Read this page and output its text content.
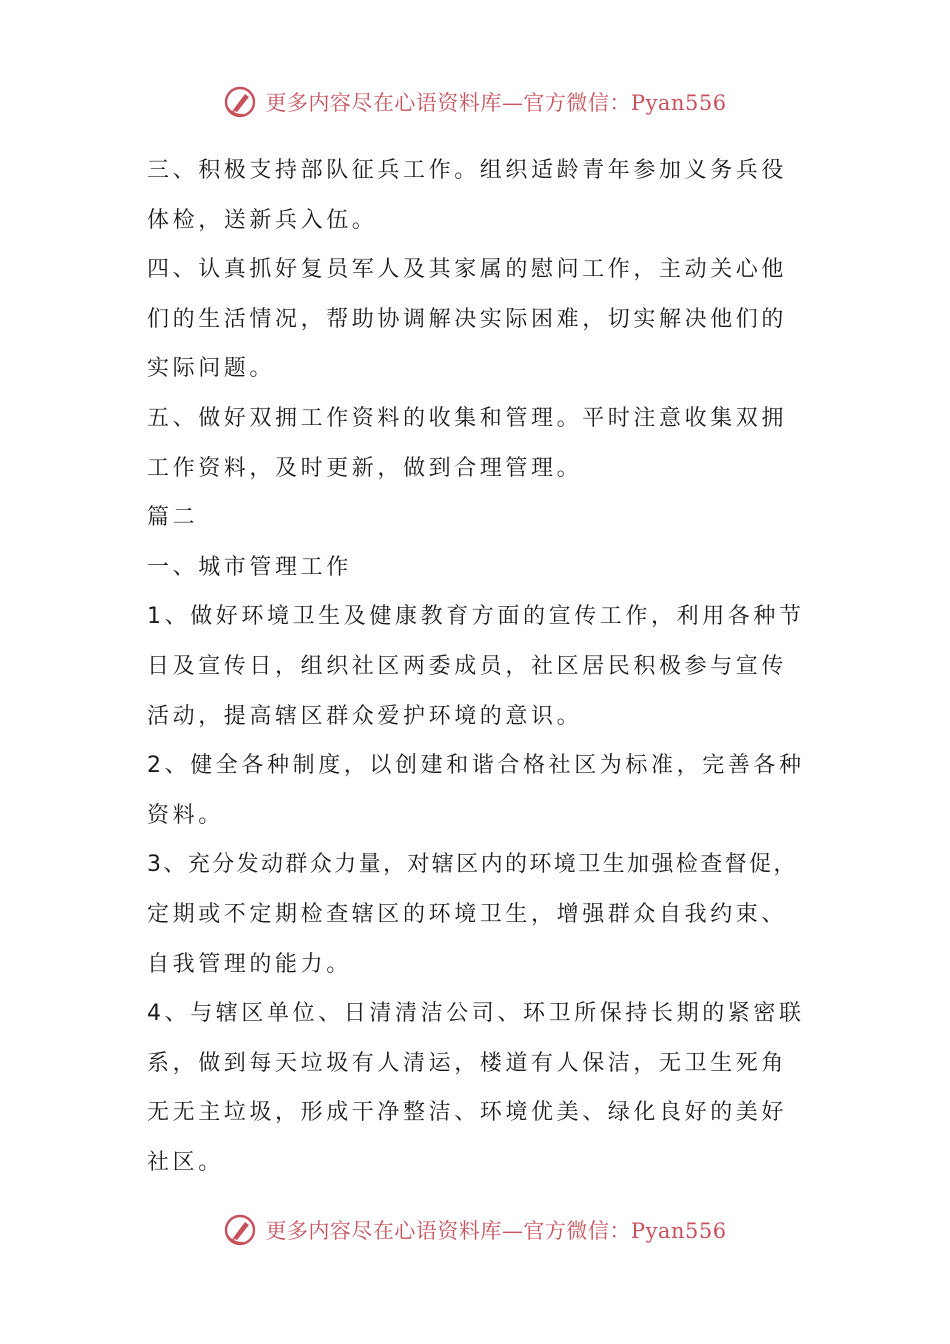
更多内容尽在心语资料库—官方微信：Pyan556
三、积极支持部队征兵工作。组织适龄青年参加义务兵役
体检，送新兵入伍。
四、认真抓好复员军人及其家属的慰问工作，主动关心他
们的生活情况，帮助协调解决实际困难，切实解决他们的
实际问题。
五、做好双拥工作资料的收集和管理。平时注意收集双拥
工作资料，及时更新，做到合理管理。
篇二
一、城市管理工作
1、做好环境卫生及健康教育方面的宣传工作，利用各种节
日及宣传日，组织社区两委成员，社区居民积极参与宣传
活动，提高辖区群众爱护环境的意识。
2、健全各种制度，以创建和谐合格社区为标准，完善各种
资料。
3、充分发动群众力量，对辖区内的环境卫生加强检查督促，
定期或不定期检查辖区的环境卫生，增强群众自我约束、
自我管理的能力。
4、与辖区单位、日清清洁公司、环卫所保持长期的紧密联
系，做到每天垃圾有人清运，楼道有人保洁，无卫生死角
无无主垃圾，形成干净整洁、环境优美、绿化良好的美好
社区。
更多内容尽在心语资料库—官方微信：Pyan556
